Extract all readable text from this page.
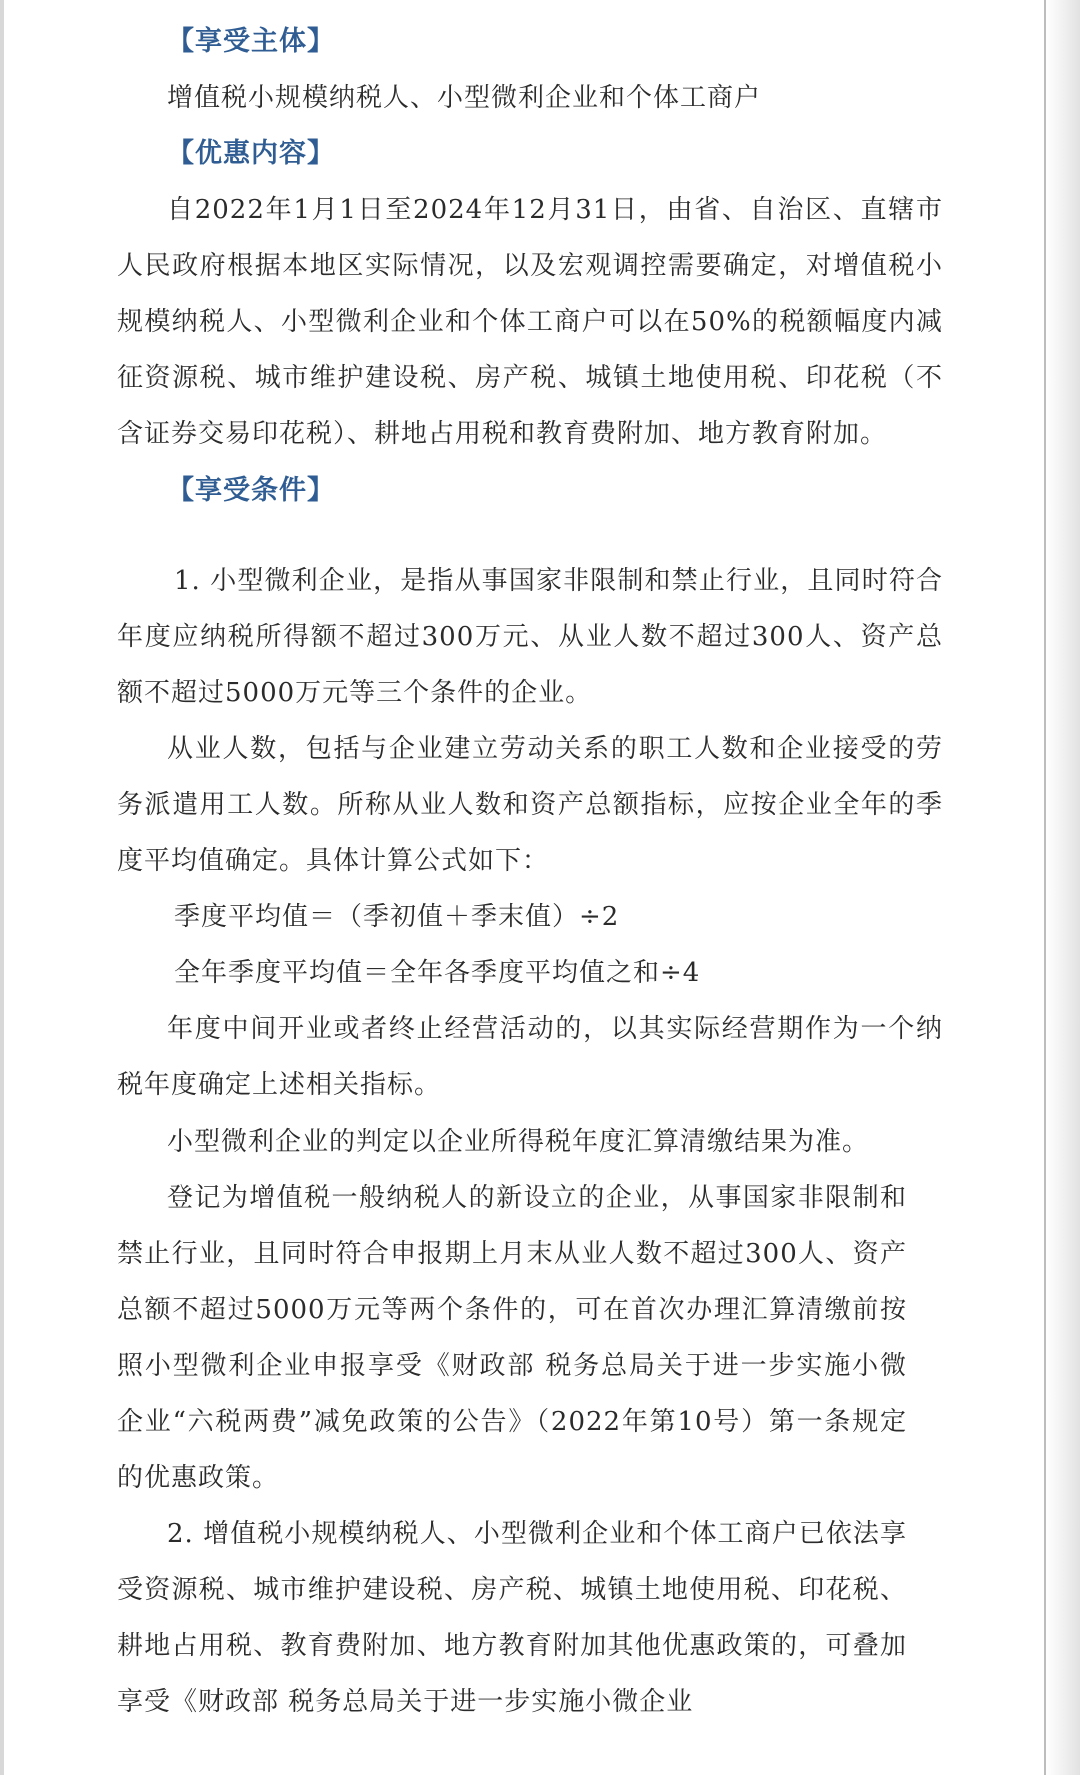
【享受主体】

增值税小规模纳税人、小型微利企业和个体工商户

【优惠内容】

自2022年1月1日至2024年12月31日，由省、自治区、直辖市人民政府根据本地区实际情况，以及宏观调控需要确定，对增值税小规模纳税人、小型微利企业和个体工商户可以在50%的税额幅度内减征资源税、城市维护建设税、房产税、城镇土地使用税、印花税（不含证券交易印花税）、耕地占用税和教育费附加、地方教育附加。

【享受条件】

1. 小型微利企业，是指从事国家非限制和禁止行业，且同时符合年度应纳税所得额不超过300万元、从业人数不超过300人、资产总额不超过5000万元等三个条件的企业。

从业人数，包括与企业建立劳动关系的职工人数和企业接受的劳务派遣用工人数。所称从业人数和资产总额指标，应按企业全年的季度平均值确定。具体计算公式如下：

季度平均值＝（季初值＋季末值）÷2
全年季度平均值＝全年各季度平均值之和÷4

年度中间开业或者终止经营活动的，以其实际经营期作为一个纳税年度确定上述相关指标。

小型微利企业的判定以企业所得税年度汇算清缴结果为准。

登记为增值税一般纳税人的新设立的企业，从事国家非限制和禁止行业，且同时符合申报期上月末从业人数不超过300人、资产总额不超过5000万元等两个条件的，可在首次办理汇算清缴前按照小型微利企业申报享受《财政部 税务总局关于进一步实施小微企业“六税两费”减免政策的公告》（2022年第10号）第一条规定的优惠政策。

2. 增值税小规模纳税人、小型微利企业和个体工商户已依法享受资源税、城市维护建设税、房产税、城镇土地使用税、印花税、耕地占用税、教育费附加、地方教育附加其他优惠政策的，可叠加享受《财政部 税务总局关于进一步实施小微企业
